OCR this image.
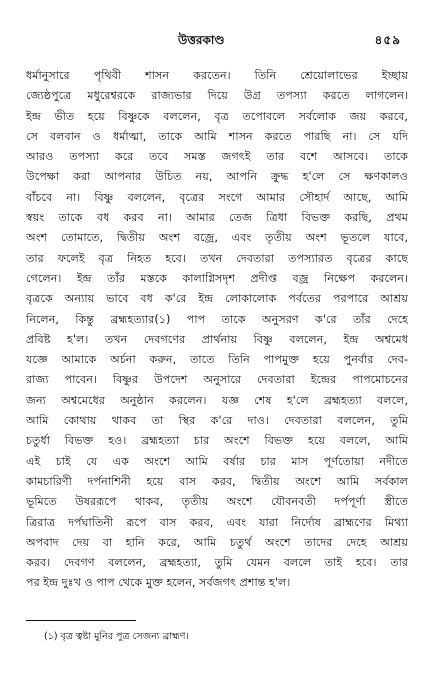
উত্তরকাণ্ড	৪৫৯
ধর্মানুসারে পৃথিবী শাসন করতেন। তিনি শ্রেয়োলাভের ইচ্ছায়
জ্যেষ্ঠপুত্রে মধুরেশ্বরকে রাজ্যভার দিয়ে উগ্র তপস্যা করতে লাগলেন।
ইন্দ্র ভীত হয়ে বিষ্ণুকে বললেন, বৃত্র তপোবলে সর্বলোক জয় করবে,
সে বলবান ও ধর্মাত্মা, তাকে আমি শাসন করতে পারছি না। সে যদি
আরও তপস্যা করে তবে সমস্ত জগৎই তার বশে আসবে। তাকে
উপেক্ষা করা আপনার উচিত নয়, আপনি ক্রুদ্ধ হ'লে সে ক্ষণকালও
বাঁচবে না। বিষ্ণু বললেন, বৃত্রের সংগে আমার সৌহার্দ আছে, আমি
স্বয়ং তাকে বধ করব না। আমার তেজ ত্রিধা বিভক্ত করছি, প্রথম
অংশ তোমাতে, দ্বিতীয় অংশ বজ্রে, এবং তৃতীয় অংশ ভূতলে যাবে,
তার ফলেই বৃত্র নিহত হবে। তখন দেবতারা তপস্যারত বৃত্রের কাছে
গেলেন। ইন্দ্র তাঁর মস্তকে কালাগ্নিসদৃশ প্রদীপ্ত বজ্র নিক্ষেপ করলেন।
বৃত্রকে অন্যায় ভাবে বধ ক'রে ইন্দ্র লোকালোক পর্বতের পরপারে আশ্রয়
নিলেন, কিন্তু ব্রহ্মহত্যার(১) পাপ তাকে অনুসরণ ক'রে তাঁর দেহে
প্রবিষ্ট হ'ল। তখন দেবগণের প্রার্থনায় বিষ্ণু বললেন, ইন্দ্র অশ্বমেধ
যজ্ঞে আমাকে অর্চনা করুন, তাতে তিনি পাপমুক্ত হয়ে পুনর্বার দেব-
রাজ্য পাবেন। বিষ্ণুর উপদেশ অনুসারে দেবতারা ইন্দ্রের পাপমোচনের
জন্য অশ্বমেধের অনুষ্ঠান করলেন। যজ্ঞ শেষ হ'লে ব্রহ্মহত্যা বললে,
আমি কোথায় থাকব তা স্থির ক'রে দাও। দেবতারা বললেন, তুমি
চতুর্ধা বিভক্ত হও। ব্রহ্মহত্যা চার অংশে বিভক্ত হয়ে বললে, আমি
এই চাই যে এক অংশে আমি বর্ষার চার মাস পূর্ণতোয়া নদীতে
কামচারিণী দর্পনাশিনী হয়ে বাস করব, দ্বিতীয় অংশে আমি সর্বকাল
ভূমিতে উষররূপে থাকব, তৃতীয় অংশে যৌবনবতী দর্পপূর্ণা স্ত্রীতে
ত্রিরাত্র দর্পঘাতিনী রূপে বাস করব, এবং যারা নির্দোষ ব্রাহ্মণের মিথ্যা
অপবাদ দেয় বা হানি করে, আমি চতুর্থ অংশে তাদের দেহে আশ্রয়
করব। দেবগণ বললেন, ব্রহ্মহত্যা, তুমি যেমন বললে তাই হবে। তার
পর ইন্দ্র দুঃখ ও পাপ থেকে মুক্ত হলেন, সর্বজগৎ প্রশান্ত হ'ল।
(১) বৃত্র ত্বষ্টা মুনির পুত্র সেজন্য ব্রাহ্মণ।
